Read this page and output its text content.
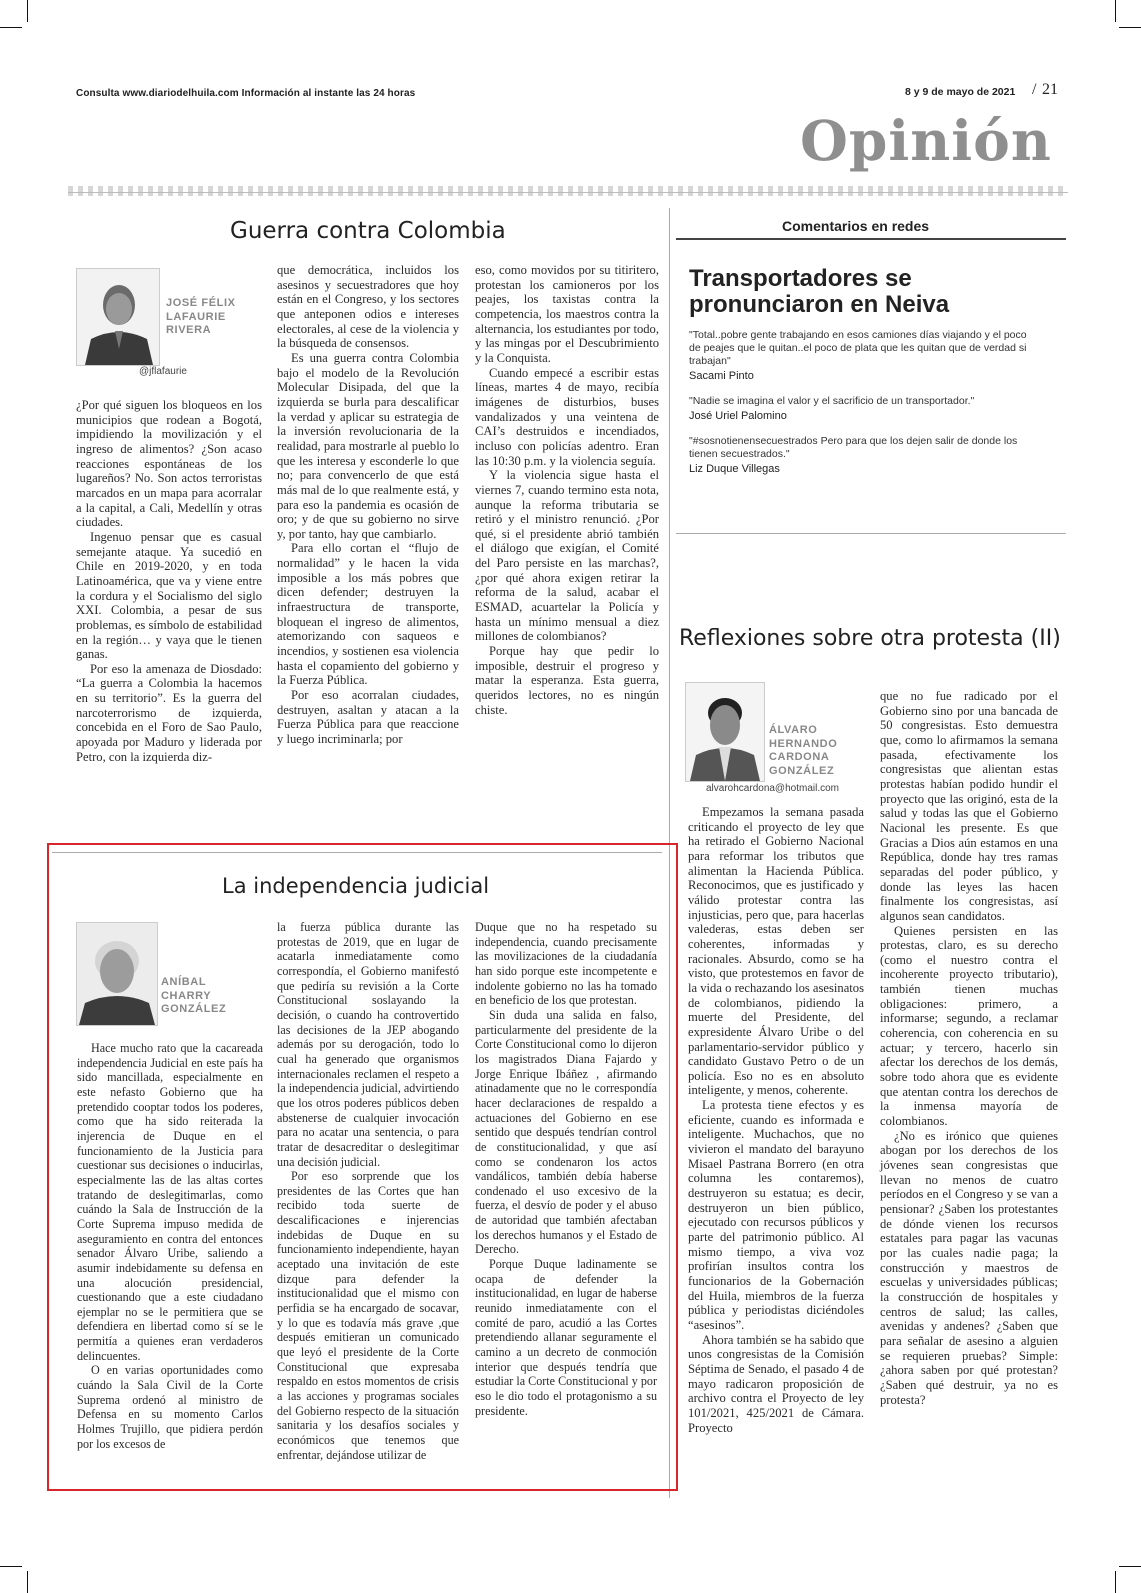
Consulta www.diariodelhuila.com Información al instante las 24 horas	8 y 9 de mayo de 2021 / 21
Opinión
Guerra contra Colombia
JOSÉ FÉLIX
LAFAURIE
RIVERA
@jflafaurie

¿Por qué siguen los bloqueos en los municipios que rodean a Bogotá, impidiendo la movilización y el ingreso de alimentos? ¿Son acaso reacciones espontáneas de los lugareños? No. Son actos terroristas marcados en un mapa para acorralar a la capital, a Cali, Medellín y otras ciudades.

Ingenuo pensar que es casual semejante ataque. Ya sucedió en Chile en 2019-2020, y en toda Latinoamérica, que va y viene entre la cordura y el Socialismo del siglo XXI. Colombia, a pesar de sus problemas, es símbolo de estabilidad en la región… y vaya que le tienen ganas.

Por eso la amenaza de Diosdado: “La guerra a Colombia la hacemos en su territorio”. Es la guerra del narcoterrorismo de izquierda, concebida en el Foro de Sao Paulo, apoyada por Maduro y liderada por Petro, con la izquierda diz-

que democrática, incluidos los asesinos y secuestradores que hoy están en el Congreso, y los sectores que anteponen odios e intereses electorales, al cese de la violencia y la búsqueda de consensos.

Es una guerra contra Colombia bajo el modelo de la Revolución Molecular Disipada, del que la izquierda se burla para descalificar la verdad y aplicar su estrategia de la inversión revolucionaria de la realidad, para mostrarle al pueblo lo que les interesa y esconderle lo que no; para convencerlo de que está más mal de lo que realmente está, y para eso la pandemia es ocasión de oro; y de que su gobierno no sirve y, por tanto, hay que cambiarlo.

Para ello cortan el “flujo de normalidad” y le hacen la vida imposible a los más pobres que dicen defender; destruyen la infraestructura de transporte, bloquean el ingreso de alimentos, atemorizando con saqueos e incendios, y sostienen esa violencia hasta el copamiento del gobierno y la Fuerza Pública.

Por eso acorralan ciudades, destruyen, asaltan y atacan a la Fuerza Pública para que reaccione y luego incriminarla; por

eso, como movidos por su titiritero, protestan los camioneros por los peajes, los taxistas contra la competencia, los maestros contra la alternancia, los estudiantes por todo, y las mingas por el Descubrimiento y la Conquista.

Cuando empecé a escribir estas líneas, martes 4 de mayo, recibía imágenes de disturbios, buses vandalizados y una veintena de CAI’s destruidos e incendiados, incluso con policías adentro. Eran las 10:30 p.m. y la violencia seguía.

Y la violencia sigue hasta el viernes 7, cuando termino esta nota, aunque la reforma tributaria se retiró y el ministro renunció. ¿Por qué, si el presidente abrió también el diálogo que exigían, el Comité del Paro persiste en las marchas?, ¿por qué ahora exigen retirar la reforma de la salud, acabar el ESMAD, acuartelar la Policía y hasta un mínimo mensual a diez millones de colombianos?

Porque hay que pedir lo imposible, destruir el progreso y matar la esperanza. Esta guerra, queridos lectores, no es ningún chiste.

Comentarios en redes
Transportadores se pronunciaron en Neiva
"Total..pobre gente trabajando en esos camiones días viajando y el poco de peajes que le quitan..el poco de plata que les quitan que de verdad si trabajan"
Sacami Pinto
"Nadie se imagina el valor y el sacrificio de un transportador."
José Uriel Palomino
"#sosnotienensecuestrados Pero para que los dejen salir de donde los tienen secuestrados."
Liz Duque Villegas
Reflexiones sobre otra protesta (II)
ÁLVARO
HERNANDO
CARDONA
GONZÁLEZ
alvarohcardona@hotmail.com

Empezamos la semana pasada criticando el proyecto de ley que ha retirado el Gobierno Nacional para reformar los tributos que alimentan la Hacienda Pública. Reconocimos, que es justificado y válido protestar contra las injusticias, pero que, para hacerlas valederas, estas deben ser coherentes, informadas y racionales. Absurdo, como se ha visto, que protestemos en favor de la vida o rechazando los asesinatos de colombianos, pidiendo la muerte del Presidente, del expresidente Álvaro Uribe o del parlamentario-servidor público y candidato Gustavo Petro o de un policía. Eso no es en absoluto inteligente, y menos, coherente.

La protesta tiene efectos y es eficiente, cuando es informada e inteligente. Muchachos, que no vivieron el mandato del barayuno Misael Pastrana Borrero (en otra columna les contaremos), destruyeron su estatua; es decir, destruyeron un bien público, ejecutado con recursos públicos y parte del patrimonio público. Al mismo tiempo, a viva voz profirían insultos contra los funcionarios de la Gobernación del Huila, miembros de la fuerza pública y periodistas diciéndoles “asesinos”.

Ahora también se ha sabido que unos congresistas de la Comisión Séptima de Senado, el pasado 4 de mayo radicaron proposición de archivo contra el Proyecto de ley 101/2021, 425/2021 de Cámara. Proyecto

que no fue radicado por el Gobierno sino por una bancada de 50 congresistas. Esto demuestra que, como lo afirmamos la semana pasada, efectivamente los congresistas que alientan estas protestas habían podido hundir el proyecto que las originó, esta de la salud y todas las que el Gobierno Nacional les presente. Es que Gracias a Dios aún estamos en una República, donde hay tres ramas separadas del poder público, y donde las leyes las hacen finalmente los congresistas, así algunos sean candidatos.

Quienes persisten en las protestas, claro, es su derecho (como el nuestro contra el incoherente proyecto tributario), también tienen muchas obligaciones: primero, a informarse; segundo, a reclamar coherencia, con coherencia en su actuar; y tercero, hacerlo sin afectar los derechos de los demás, sobre todo ahora que es evidente que atentan contra los derechos de la inmensa mayoría de colombianos.

¿No es irónico que quienes abogan por los derechos de los jóvenes sean congresistas que llevan no menos de cuatro períodos en el Congreso y se van a pensionar? ¿Saben los protestantes de dónde vienen los recursos estatales para pagar las vacunas por las cuales nadie paga; la construcción y maestros de escuelas y universidades públicas; la construcción de hospitales y centros de salud; las calles, avenidas y andenes? ¿Saben que para señalar de asesino a alguien se requieren pruebas? Simple: ¿ahora saben por qué protestan? ¿Saben qué destruir, ya no es protesta?

La independencia judicial
ANÍBAL
CHARRY
GONZÁLEZ

Hace mucho rato que la cacareada independencia Judicial en este país ha sido mancillada, especialmente en este nefasto Gobierno que ha pretendido cooptar todos los poderes, como que ha sido reiterada la injerencia de Duque en el funcionamiento de la Justicia para cuestionar sus decisiones o inducirlas, especialmente las de las altas cortes tratando de deslegitimarlas, como cuándo la Sala de Instrucción de la Corte Suprema impuso medida de aseguramiento en contra del entonces senador Álvaro Uribe, saliendo a asumir indebidamente su defensa en una alocución presidencial, cuestionando que a este ciudadano ejemplar no se le permitiera que se defendiera en libertad como sí se le permitía a quienes eran verdaderos delincuentes.

O en varias oportunidades como cuándo la Sala Civil de la Corte Suprema ordenó al ministro de Defensa en su momento Carlos Holmes Trujillo, que pidiera perdón por los excesos de

la fuerza pública durante las protestas de 2019, que en lugar de acatarla inmediatamente como correspondía, el Gobierno manifestó que pediría su revisión a la Corte Constitucional soslayando la decisión, o cuando ha controvertido las decisiones de la JEP abogando además por su derogación, todo lo cual ha generado que organismos internacionales reclamen el respeto a la independencia judicial, advirtiendo que los otros poderes públicos deben abstenerse de cualquier invocación para no acatar una sentencia, o para tratar de desacreditar o deslegitimar una decisión judicial.

Por eso sorprende que los presidentes de las Cortes que han recibido toda suerte de descalificaciones e injerencias indebidas de Duque en su funcionamiento independiente, hayan aceptado una invitación de este dizque para defender la institucionalidad que el mismo con perfidia se ha encargado de socavar, y lo que es todavía más grave ,que después emitieran un comunicado que leyó el presidente de la Corte Constitucional que expresaba respaldo en estos momentos de crisis a las acciones y programas sociales del Gobierno respecto de la situación sanitaria y los desafíos sociales y económicos que tenemos que enfrentar, dejándose utilizar de

Duque que no ha respetado su independencia, cuando precisamente las movilizaciones de la ciudadanía han sido porque este incompetente e indolente gobierno no las ha tomado en beneficio de los que protestan.

Sin duda una salida en falso, particularmente del presidente de la Corte Constitucional como lo dijeron los magistrados Diana Fajardo y Jorge Enrique Ibáñez , afirmando atinadamente que no le correspondía hacer declaraciones de respaldo a actuaciones del Gobierno en ese sentido que después tendrían control de constitucionalidad, y que así como se condenaron los actos vandálicos, también debía haberse condenado el uso excesivo de la fuerza, el desvío de poder y el abuso de autoridad que también afectaban los derechos humanos y el Estado de Derecho.

Porque Duque ladinamente se ocapa de defender la institucionalidad, en lugar de haberse reunido inmediatamente con el comité de paro, acudió a las Cortes pretendiendo allanar seguramente el camino a un decreto de conmoción interior que después tendría que estudiar la Corte Constitucional y por eso le dio todo el protagonismo a su presidente.
